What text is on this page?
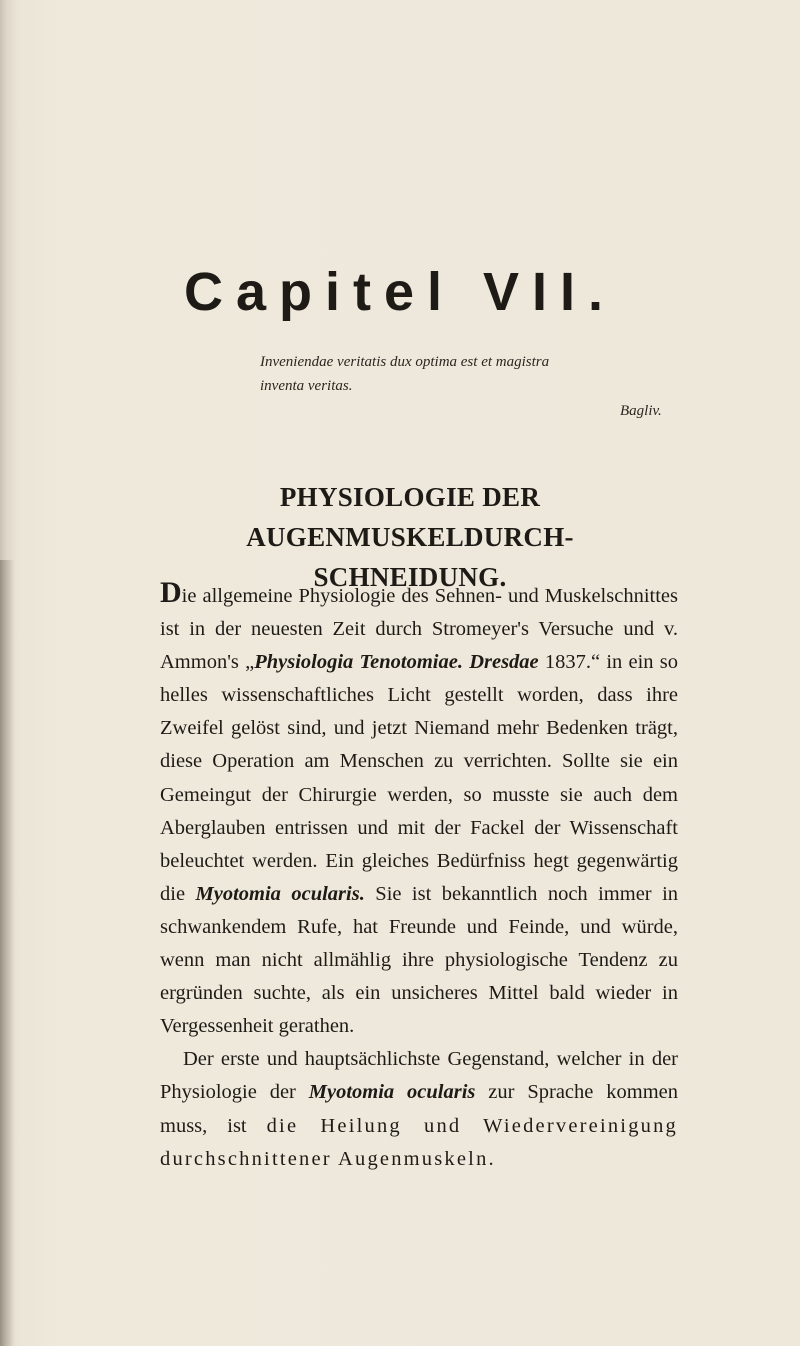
Capitel VII.
Inveniendae veritatis dux optima est et magistra
inventa veritas.
Bagliv.
PHYSIOLOGIE DER AUGENMUSKELDURCH-SCHNEIDUNG.

Die allgemeine Physiologie des Sehnen- und Muskelschnittes ist in der neuesten Zeit durch Stromeyer's Versuche und v. Ammon's „Physiologia Tenotomiae. Dresdae 1837.“ in ein so helles wissenschaftliches Licht gestellt worden, dass ihre Zweifel gelöst sind, und jetzt Niemand mehr Bedenken trägt, diese Operation am Menschen zu verrichten. Sollte sie ein Gemeingut der Chirurgie werden, so musste sie auch dem Aberglauben entrissen und mit der Fackel der Wissenschaft beleuchtet werden. Ein gleiches Bedürfniss hegt gegenwärtig die Myotomia ocularis. Sie ist bekanntlich noch immer in schwankendem Rufe, hat Freunde und Feinde, und würde, wenn man nicht allmählig ihre physiologische Tendenz zu ergründen suchte, als ein unsicheres Mittel bald wieder in Vergessenheit gerathen.

Der erste und hauptsächlichste Gegenstand, welcher in der Physiologie der Myotomia ocularis zur Sprache kommen muss, ist die Heilung und Wiedervereinigung durchschnittener Augenmuskeln.
